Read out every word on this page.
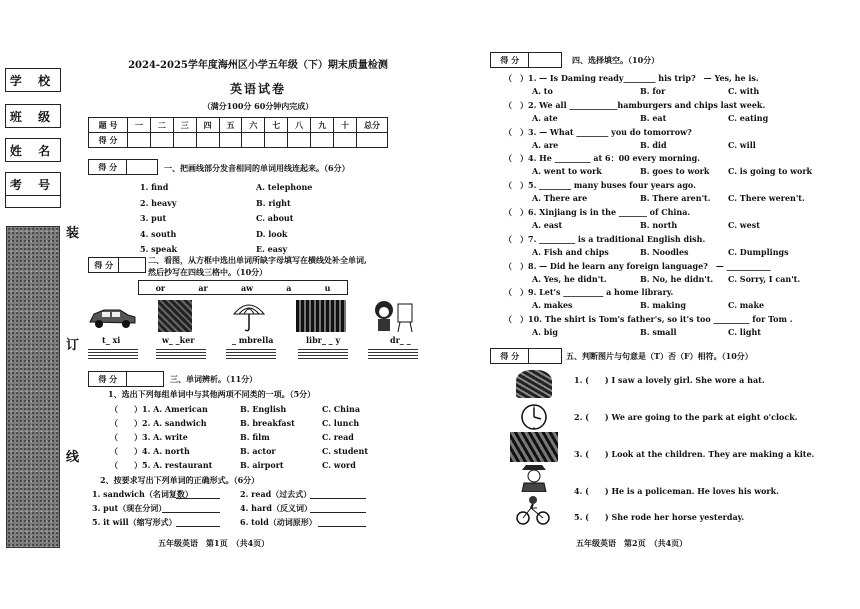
学 校
班 级
姓 名
考 号
装
订
线
2024-2025学年度海州区小学五年级（下）期末质量检测
英语试卷
（满分100分 60分钟内完成）
题 号	一	二	三	四	五	六	七	八	九	十	总分
得 分											
得 分	一、把画线部分发音相同的单词用线连起来。（6分）
1. find
2. heavy
3. put
4. south
5. speak
A. telephone
B. right
C. about
D. look
E. easy
得 分	二、看图，从方框中选出单词所缺字母填写在横线处补全单词,
然后抄写在四线三格中。（10分）
or	ar	aw	a	u
t_ xi	w_ _ker	_ mbrella	libr_ _ y	dr_ _
得 分	三、单词辨析。（11分）
1、选出下列每组单词中与其他两项不同类的一项。（5分）
（　　）1. A. American	B. English	C. China
（　　）2. A. sandwich	B. breakfast	C. lunch
（　　）3. A. write	B. film	C. read
（　　）4. A. north	B. actor	C. student
（　　）5. A. restaurant	B. airport	C. word
2、按要求写出下列单词的正确形式。（6分）
1. sandwich（名词复数）	2. read（过去式）
3. put（现在分词）	4. hard（反义词）
5. it will（缩写形式）	6. told（动词原形）
五年级英语　第1页　（共4页）
得 分	四、选择填空。（10分）
（　）1. — Is Daming ready________ his trip?　— Yes, he is.
A. to	B. for	C. with
（　）2. We all ____________hamburgers and chips last week.
A. ate	B. eat	C. eating
（　）3. — What ________ you do tomorrow?
A. are	B. did	C. will
（　）4. He _________ at 6：00 every morning.
A. went to work	B. goes to work C. is going to work
（　）5. ________ many buses four years ago.
A. There are	B. There aren't. C. There weren't.
（　）6. Xinjiang is in the _______ of China.
A. east	B. north	C. west
（　）7. _________ is a traditional English dish.
A. Fish and chips	B. Noodles	C. Dumplings
（　）8. — Did he learn any foreign language?　— ___________
A. Yes, he didn't.	B. No, he didn't. C. Sorry, I can't.
（　）9. Let's __________ a home library.
A. makes	B. making	C. make
（　）10. The shirt is Tom's father's, so it's too _________ for Tom .
A. big	B. small	C. light
得 分	五、判断图片与句意是（T）否（F）相符。（10分）
1. (　　) I saw a lovely girl. She wore a hat.
2. (　　) We are going to the park at eight o'clock.
3. (　　) Look at the children. They are making a kite.
4. (　　) He is a policeman. He loves his work.
5. (　　) She rode her horse yesterday.
五年级英语　第2页　（共4页）
